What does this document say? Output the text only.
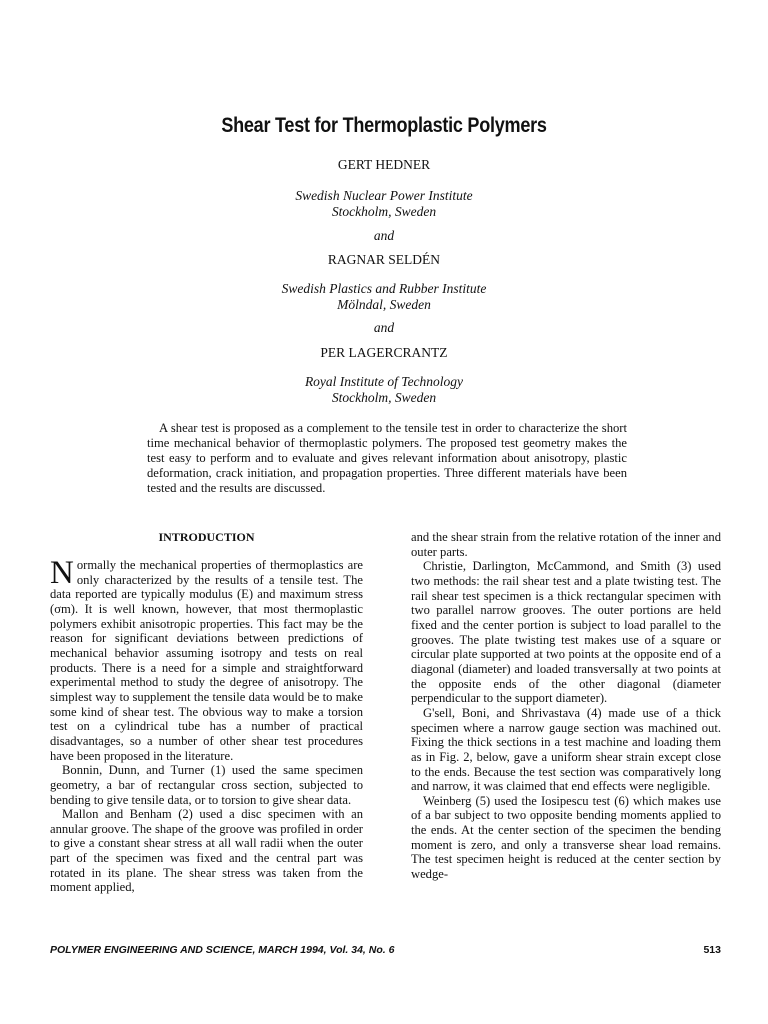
Shear Test for Thermoplastic Polymers
GERT HEDNER
Swedish Nuclear Power Institute
Stockholm, Sweden
and
RAGNAR SELDÉN
Swedish Plastics and Rubber Institute
Mölndal, Sweden
and
PER LAGERCRANTZ
Royal Institute of Technology
Stockholm, Sweden
A shear test is proposed as a complement to the tensile test in order to characterize the short time mechanical behavior of thermoplastic polymers. The proposed test geometry makes the test easy to perform and to evaluate and gives relevant information about anisotropy, plastic deformation, crack initiation, and propagation properties. Three different materials have been tested and the results are discussed.
INTRODUCTION

Normally the mechanical properties of thermoplastics are only characterized by the results of a tensile test. The data reported are typically modulus (E) and maximum stress (σm). It is well known, however, that most thermoplastic polymers exhibit anisotropic properties. This fact may be the reason for significant deviations between predictions of mechanical behavior assuming isotropy and tests on real products. There is a need for a simple and straightforward experimental method to study the degree of anisotropy. The simplest way to supplement the tensile data would be to make some kind of shear test. The obvious way to make a torsion test on a cylindrical tube has a number of practical disadvantages, so a number of other shear test procedures have been proposed in the literature.

Bonnin, Dunn, and Turner (1) used the same specimen geometry, a bar of rectangular cross section, subjected to bending to give tensile data, or to torsion to give shear data.

Mallon and Benham (2) used a disc specimen with an annular groove. The shape of the groove was profiled in order to give a constant shear stress at all wall radii when the outer part of the specimen was fixed and the central part was rotated in its plane. The shear stress was taken from the moment applied,

and the shear strain from the relative rotation of the inner and outer parts.

Christie, Darlington, McCammond, and Smith (3) used two methods: the rail shear test and a plate twisting test. The rail shear test specimen is a thick rectangular specimen with two parallel narrow grooves. The outer portions are held fixed and the center portion is subject to load parallel to the grooves. The plate twisting test makes use of a square or circular plate supported at two points at the opposite end of a diagonal (diameter) and loaded transversally at two points at the opposite ends of the other diagonal (diameter perpendicular to the support diameter).

G'sell, Boni, and Shrivastava (4) made use of a thick specimen where a narrow gauge section was machined out. Fixing the thick sections in a test machine and loading them as in Fig. 2, below, gave a uniform shear strain except close to the ends. Because the test section was comparatively long and narrow, it was claimed that end effects were negligible.

Weinberg (5) used the Iosipescu test (6) which makes use of a bar subject to two opposite bending moments applied to the ends. At the center section of the specimen the bending moment is zero, and only a transverse shear load remains. The test specimen height is reduced at the center section by wedge-

POLYMER ENGINEERING AND SCIENCE, MARCH 1994, Vol. 34, No. 6	513
